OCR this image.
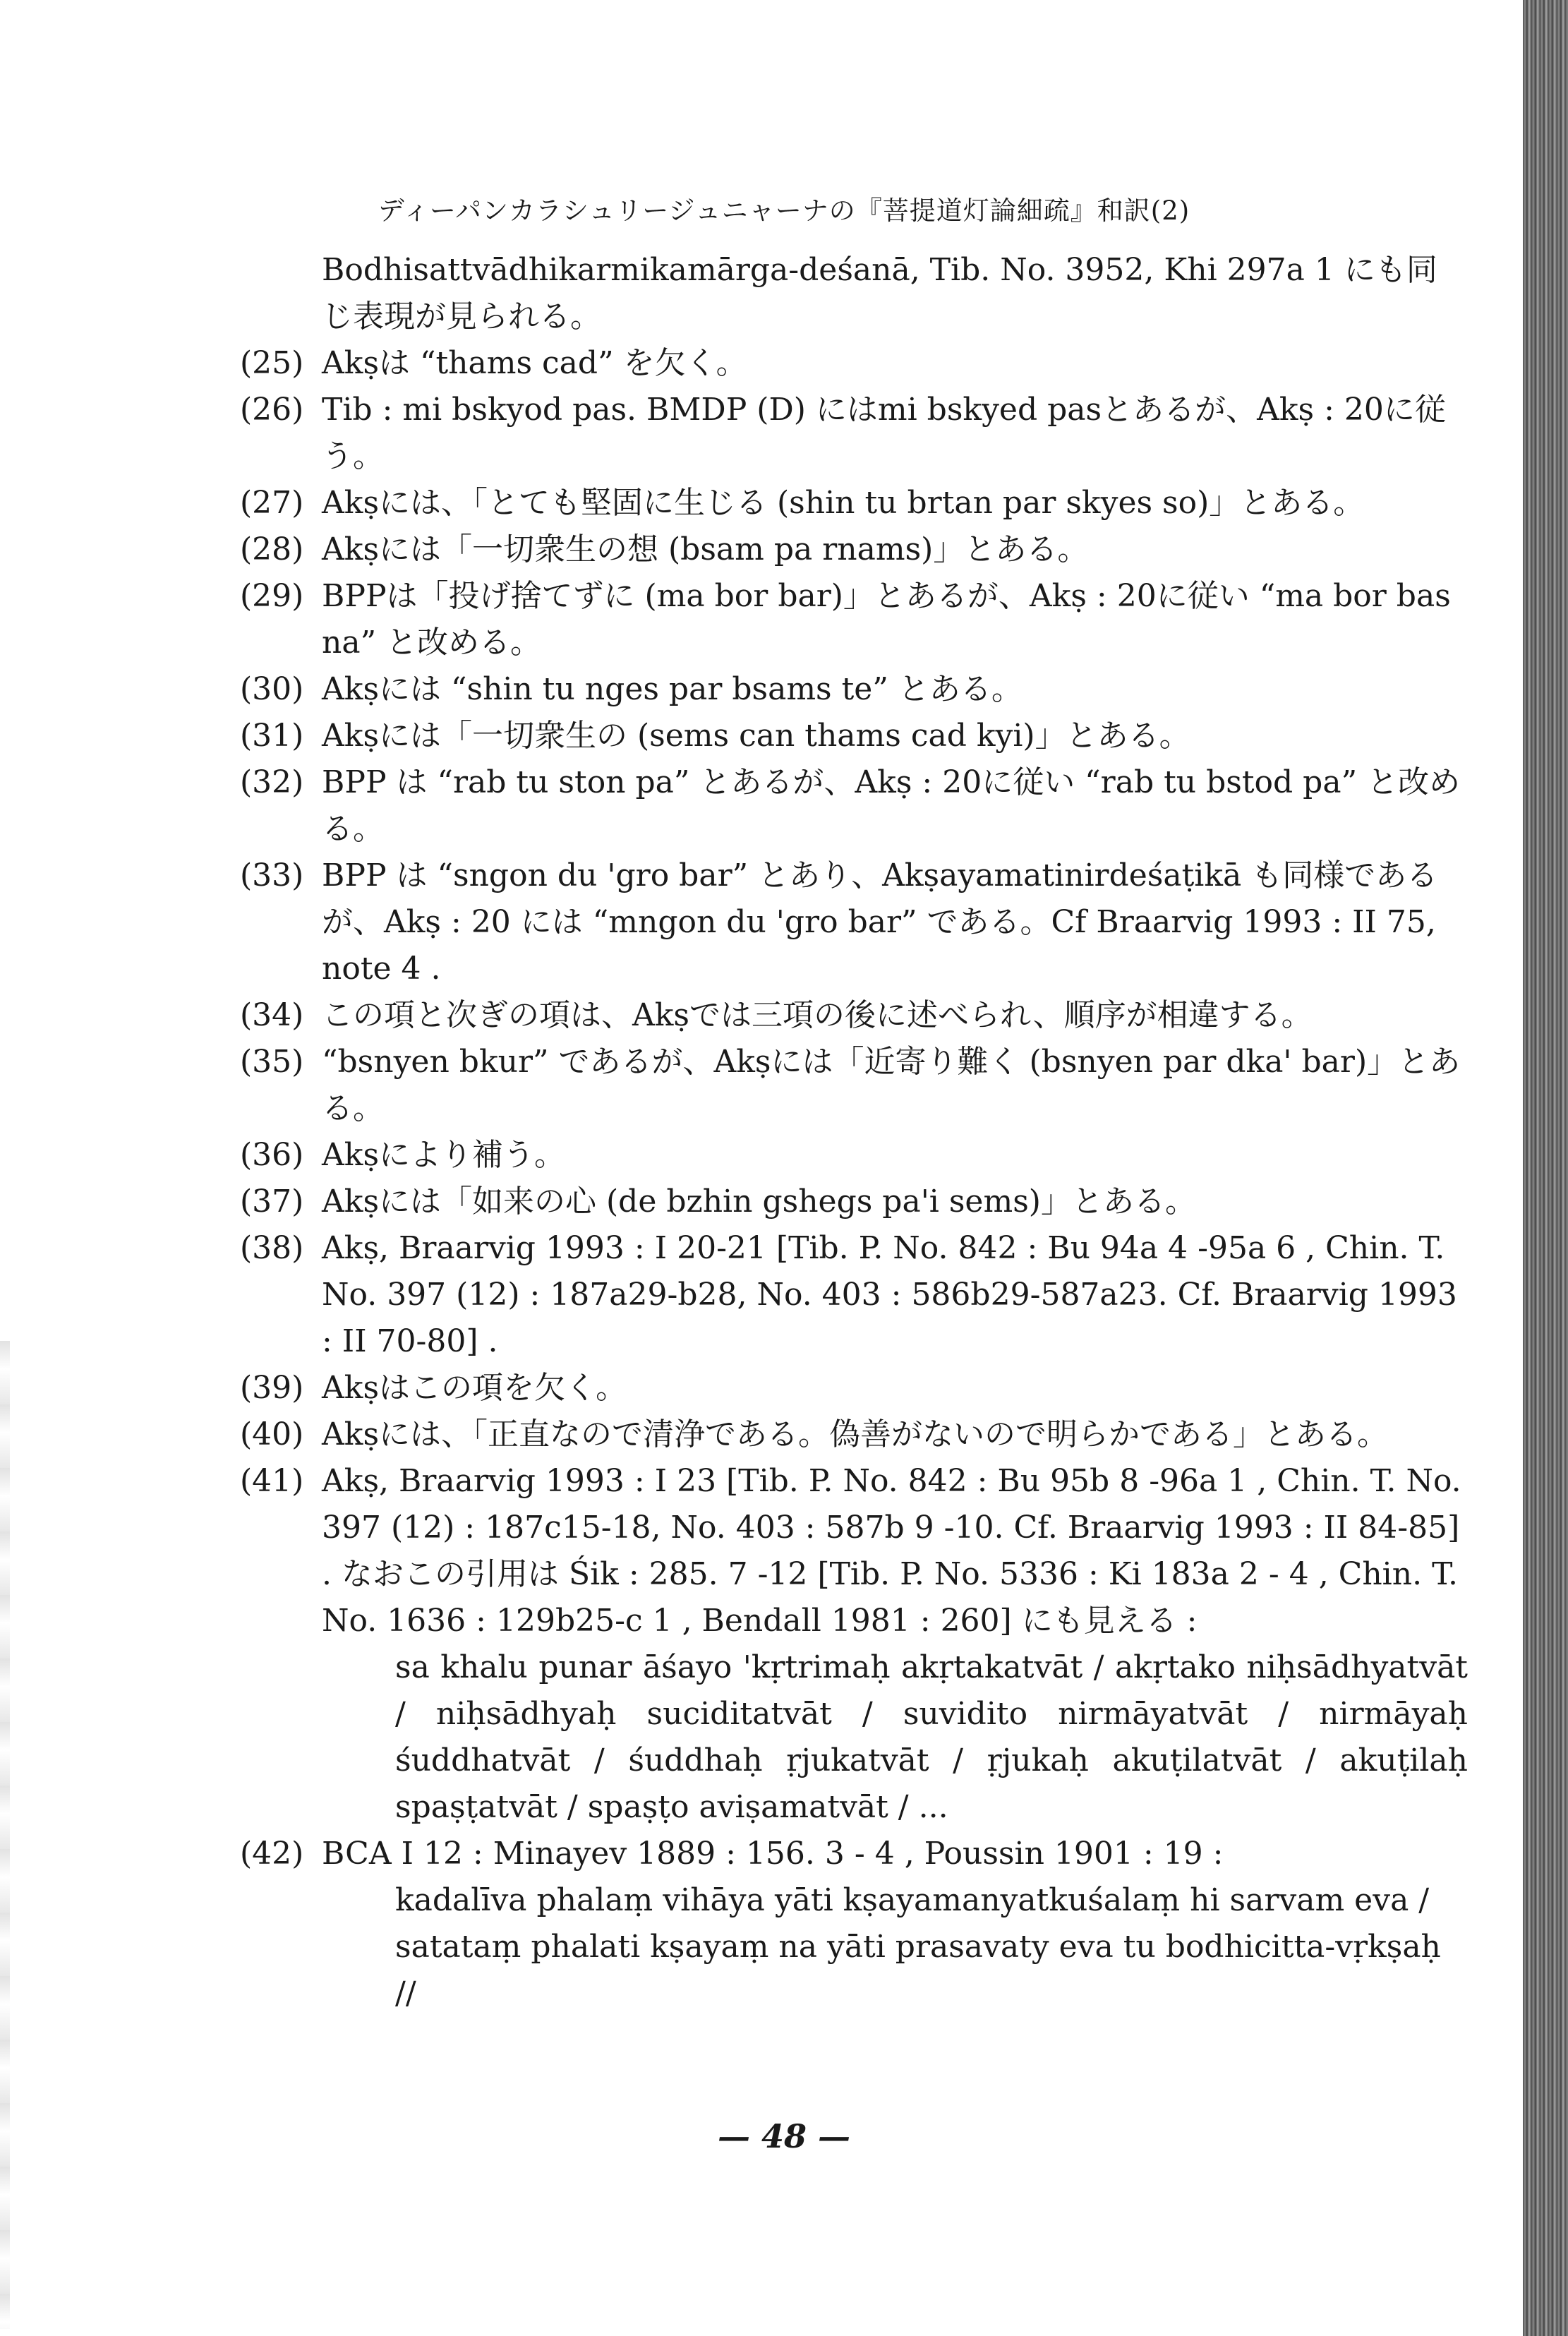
ディーパンカラシュリージュニャーナの『菩提道灯論細疏』和訳(2)
Bodhisattvādhikarmikamārga-deśanā, Tib. No. 3952, Khi 297a 1 にも同じ表現が見られる。
(25) Akṣは “thams cad” を欠く。
(26) Tib : mi bskyod pas. BMDP (D) にはmi bskyed pasとあるが、Akṣ : 20に従う。
(27) Akṣには、「とても堅固に生じる (shin tu brtan par skyes so)」とある。
(28) Akṣには「一切衆生の想 (bsam pa rnams)」とある。
(29) BPPは「投げ捨てずに (ma bor bar)」とあるが、Akṣ : 20に従い “ma bor bas na” と改める。
(30) Akṣには “shin tu nges par bsams te” とある。
(31) Akṣには「一切衆生の (sems can thams cad kyi)」とある。
(32) BPP は “rab tu ston pa” とあるが、Akṣ : 20に従い “rab tu bstod pa” と改める。
(33) BPP は “sngon du 'gro bar” とあり、Akṣayamatinirdeśaṭikā も同様であるが、Akṣ : 20 には “mngon du 'gro bar” である。Cf Braarvig 1993 : II 75, note 4 .
(34) この項と次ぎの項は、Akṣでは三項の後に述べられ、順序が相違する。
(35) “bsnyen bkur” であるが、Akṣには「近寄り難く (bsnyen par dka' bar)」とある。
(36) Akṣにより補う。
(37) Akṣには「如来の心 (de bzhin gshegs pa'i sems)」とある。
(38) Akṣ, Braarvig 1993 : I 20-21 [Tib. P. No. 842 : Bu 94a 4 -95a 6 , Chin. T. No. 397 (12) : 187a29-b28, No. 403 : 586b29-587a23. Cf. Braarvig 1993 : II 70-80] .
(39) Akṣはこの項を欠く。
(40) Akṣには、「正直なので清浄である。偽善がないので明らかである」とある。
(41) Akṣ, Braarvig 1993 : I 23 [Tib. P. No. 842 : Bu 95b 8 -96a 1 , Chin. T. No. 397 (12) : 187c15-18, No. 403 : 587b 9 -10. Cf. Braarvig 1993 : II 84-85] . なおこの引用は Śik : 285. 7 -12 [Tib. P. No. 5336 : Ki 183a 2 - 4 , Chin. T. No. 1636 : 129b25-c 1 , Bendall 1981 : 260] にも見える :
sa khalu punar āśayo 'kṛtrimaḥ akṛtakatvāt / akṛtako niḥsādhyatvāt / niḥsādhyaḥ suciditatvāt / suvidito nirmāyatvāt / nirmāyaḥ śuddhatvāt / śuddhaḥ ṛjukatvāt / ṛjukaḥ akuṭilatvāt / akuṭilaḥ spaṣṭatvāt / spaṣṭo aviṣamatvāt / ...
(42) BCA I 12 : Minayev 1889 : 156. 3 - 4 , Poussin 1901 : 19 :
kadalīva phalaṃ vihāya yāti kṣayamanyatkuśalaṃ hi sarvam eva /
satataṃ phalati kṣayaṃ na yāti prasavaty eva tu bodhicitta-vṛkṣaḥ //
— 48 —
